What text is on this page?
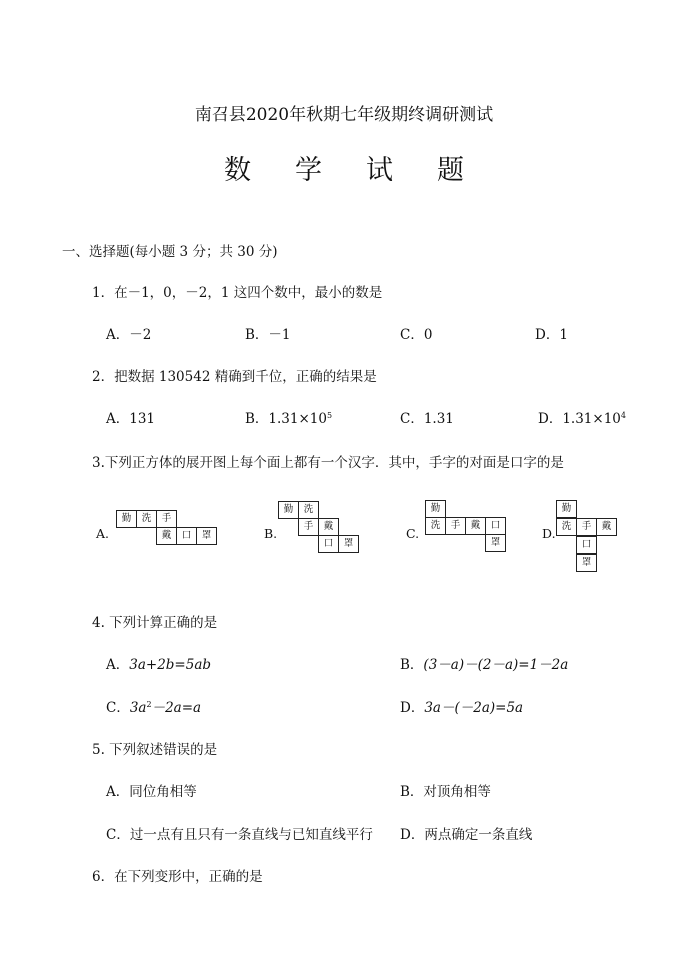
南召县2020年秋期七年级期终调研测试
数 学 试 题
一、选择题(每小题 3 分；共 30 分)
1．在－1，0，－2，1 这四个数中，最小的数是
A．－2	B．－1	C．0	D．1
2．把数据 130542 精确到千位，正确的结果是
A．131	B．$1.31\times 10^5$	C．1.31	D．$1.31\times 10^4$
3.下列正方体的展开图上每个面上都有一个汉字．其中，手字的对面是口字的是
A.
勤	洗	手
戴	口	罩	B.
勤	洗
手	戴
口	罩
C.
勤
洗	手	戴	口
罩
D.
勤
洗	手	戴
口
罩
4. 下列计算正确的是
A．3a+2b=5ab	B．(3－a)－(2－a)=1－2a
C．$3a^2-2a=a$	D．3a－(－2a)=5a
5. 下列叙述错误的是
A．同位角相等	B．对顶角相等
C．过一点有且只有一条直线与已知直线平行 D．两点确定一条直线
6．在下列变形中，正确的是
